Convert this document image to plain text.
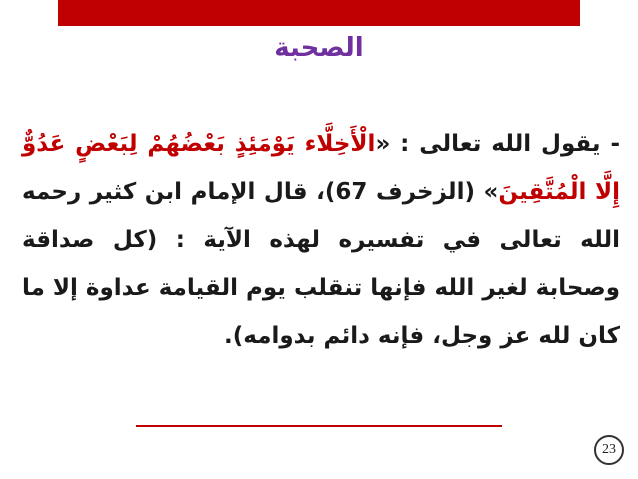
الصحبة
- يقول الله تعالى : «الْأَخِلَّاء يَوْمَئِذٍ بَعْضُهُمْ لِبَعْضٍ عَدُوٌّ إِلَّا الْمُتَّقِينَ» (الزخرف 67)، قال الإمام ابن كثير رحمه الله تعالى في تفسيره لهذه الآية : (كل صداقة وصحابة لغير الله فإنها تنقلب يوم القيامة عداوة إلا ما كان لله عز وجل، فإنه دائم بدوامه).
23
